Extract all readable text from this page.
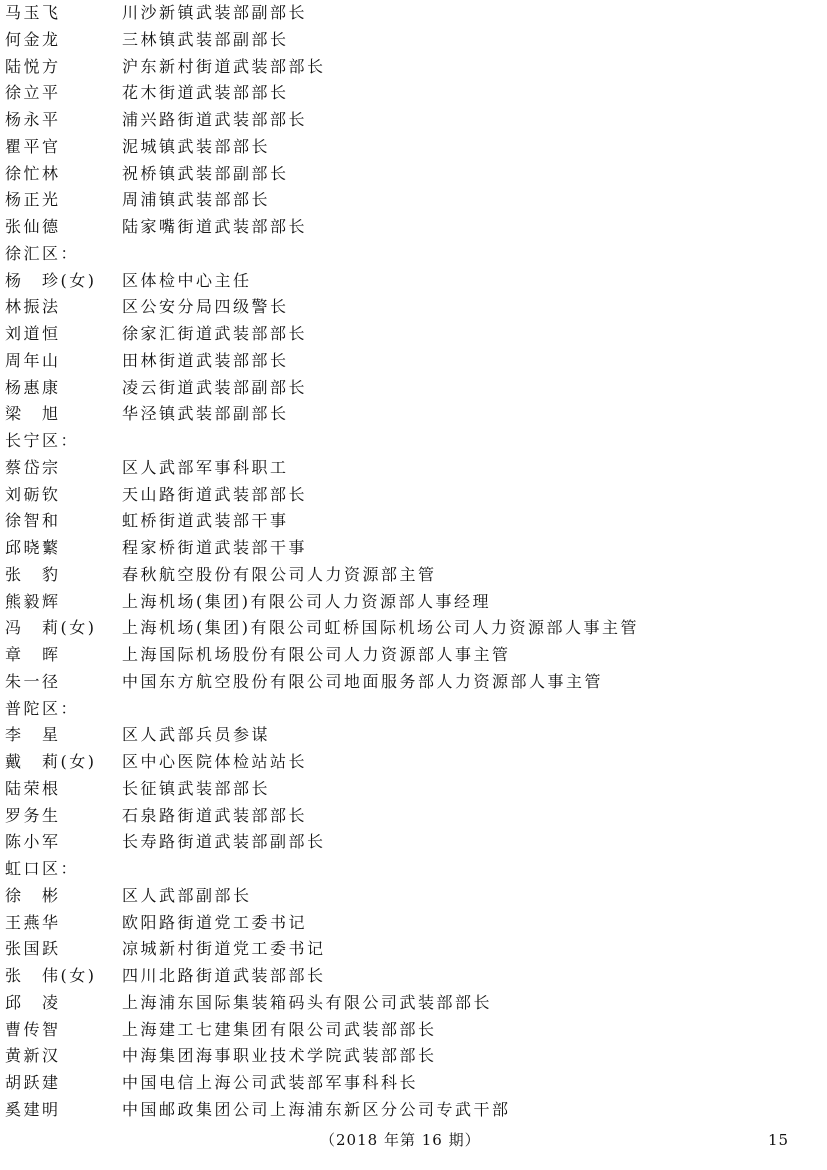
马玉飞	川沙新镇武装部副部长
何金龙	三林镇武装部副部长
陆悦方	沪东新村街道武装部部长
徐立平	花木街道武装部部长
杨永平	浦兴路街道武装部部长
瞿平官	泥城镇武装部部长
徐忙林	祝桥镇武装部副部长
杨正光	周浦镇武装部部长
张仙德	陆家嘴街道武装部部长
徐汇区：
杨　珍(女) 区体检中心主任
林振法	区公安分局四级警长
刘道恒	徐家汇街道武装部部长
周年山	田林街道武装部部长
杨惠康	凌云街道武装部副部长
梁　旭	华泾镇武装部副部长
长宁区：
蔡岱宗	区人武部军事科职工
刘砺钦	天山路街道武装部部长
徐智和	虹桥街道武装部干事
邱晓蘩	程家桥街道武装部干事
张　豹	春秋航空股份有限公司人力资源部主管
熊毅辉	上海机场(集团)有限公司人力资源部人事经理
冯　莉(女) 上海机场(集团)有限公司虹桥国际机场公司人力资源部人事主管
章　晖	上海国际机场股份有限公司人力资源部人事主管
朱一径	中国东方航空股份有限公司地面服务部人力资源部人事主管
普陀区：
李　星	区人武部兵员参谋
戴　莉(女) 区中心医院体检站站长
陆荣根	长征镇武装部部长
罗务生	石泉路街道武装部部长
陈小军	长寿路街道武装部副部长
虹口区：
徐　彬	区人武部副部长
王燕华	欧阳路街道党工委书记
张国跃	凉城新村街道党工委书记
张　伟(女) 四川北路街道武装部部长
邱　凌	上海浦东国际集装箱码头有限公司武装部部长
曹传智	上海建工七建集团有限公司武装部部长
黄新汉	中海集团海事职业技术学院武装部部长
胡跃建	中国电信上海公司武装部军事科科长
奚建明	中国邮政集团公司上海浦东新区分公司专武干部
（2018 年第 16 期）	15
